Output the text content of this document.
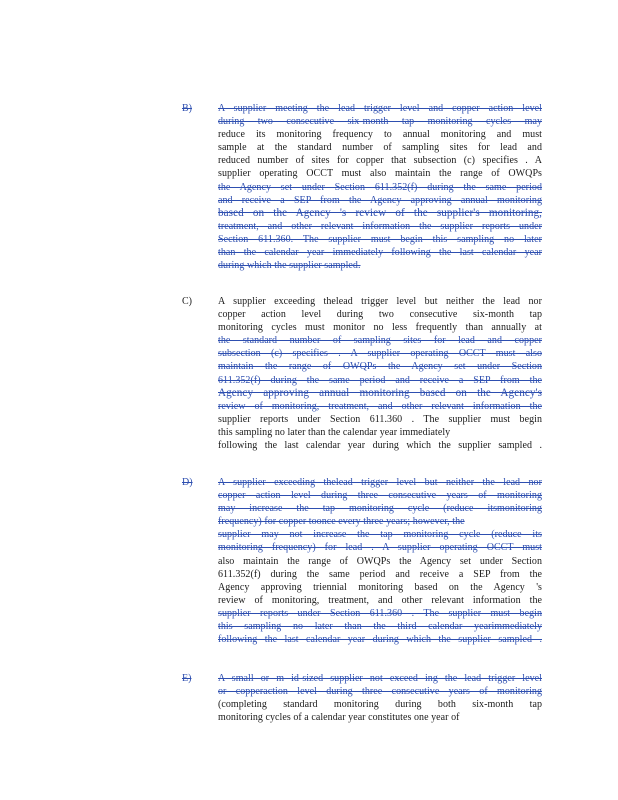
B)	A supplier meeting the lead trigger level and copper action level
during two consecutive six-month tap monitoring cycles may
reduce its monitoring frequency to annual monitoring and must
sample at the standard number of sampling sites for lead and
reduced number of sites for copper that subsection (c) specifies . A
supplier operating OCCT must also maintain the range of OWQPs
the Agency set under Section 611.352(f) during the same period
and receive a SEP from the Agency approving annual monitoring
based on the Agency 's review of the supplier's monitoring,
treatment, and other relevant information the supplier reports under
Section 611.360. The supplier must begin this sampling no later
than the calendar year immediately following the last calendar year
during which the supplier sampled.
C)	A supplier exceeding thelead trigger level but neither the lead nor
copper action level during two consecutive six-month tap
monitoring cycles must monitor no less frequently than annually at
the standard number of sampling sites for lead and copper
subsection (c) specifies . A supplier operating OCCT must also
maintain the range of OWQPs the Agency set under Section
611.352(f) during the same period and receive a SEP from the
Agency approving annual monitoring based on the Agency's
review of monitoring, treatment, and other relevant information the
supplier reports under Section 611.360 . The supplier must begin
this sampling no later than the calendar year immediately
following the last calendar year during which the supplier sampled .
D)	A supplier exceeding thelead trigger level but neither the lead nor
copper action level during three consecutive years of monitoring
may increase the tap monitoring cycle (reduce itsmonitoring
frequency) for copper toonce every three years; however, the
supplier may not increase the tap monitoring cycle (reduce its
monitoring frequency) for lead . A supplier operating OCCT must
also maintain the range of OWQPs the Agency set under Section
611.352(f) during the same period and receive a SEP from the
Agency approving triennial monitoring based on the Agency 's
review of monitoring, treatment, and other relevant information the
supplier reports under Section 611.360 . The supplier must begin
this sampling no later than the third calendar yearimmediately
following the last calendar year during which the supplier sampled .
E)	A small or m id-sized supplier not exceed ing the lead trigger level
or copperaction level during three consecutive years of monitoring
(completing standard monitoring during both six-month tap
monitoring cycles of a calendar year constitutes one year of
